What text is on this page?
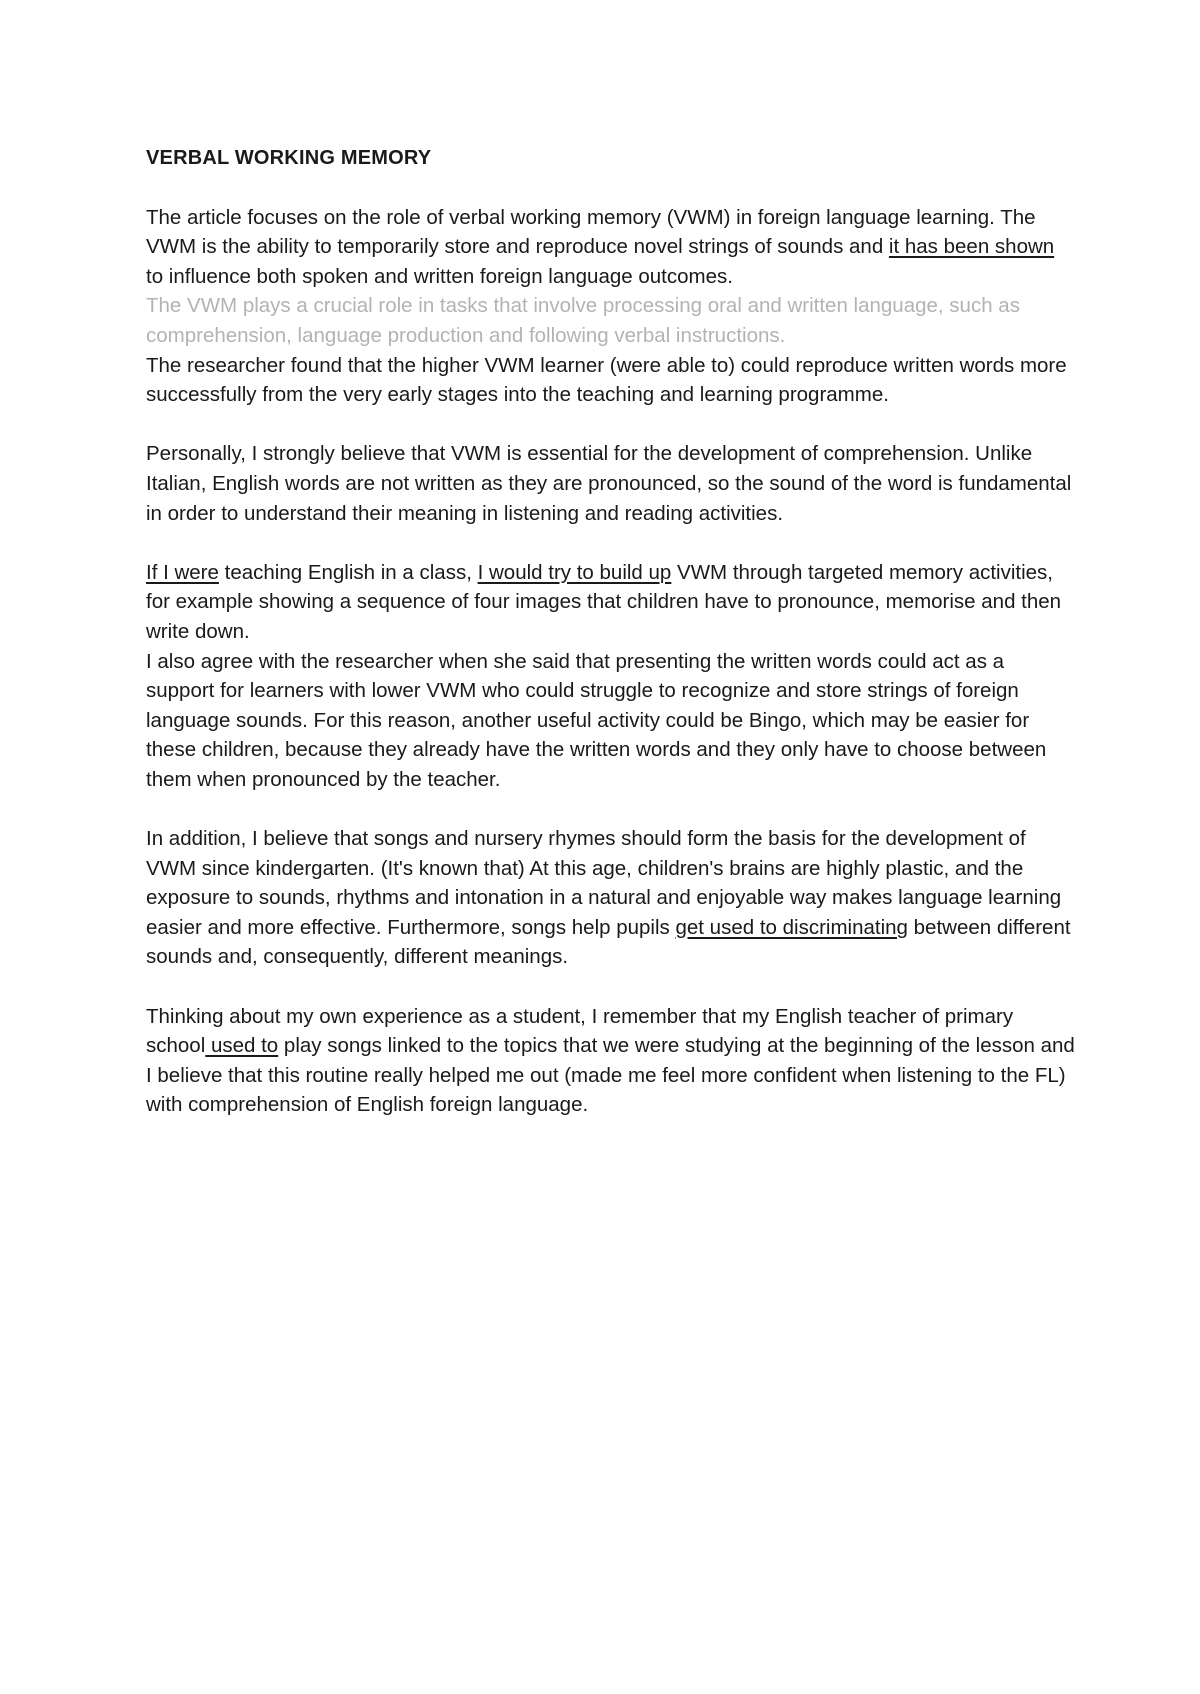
VERBAL WORKING MEMORY

The article focuses on the role of verbal working memory (VWM) in foreign language learning. The VWM is the ability to temporarily store and reproduce novel strings of sounds and it has been shown to influence both spoken and written foreign language outcomes.

The VWM plays a crucial role in tasks that involve processing oral and written language, such as comprehension, language production and following verbal instructions.

The researcher found that the higher VWM learner (were able to) could reproduce written words more successfully from the very early stages into the teaching and learning programme.

Personally, I strongly believe that VWM is essential for the development of comprehension. Unlike Italian, English words are not written as they are pronounced, so the sound of the word is fundamental in order to understand their meaning in listening and reading activities.

If I were teaching English in a class, I would try to build up VWM through targeted memory activities, for example showing a sequence of four images that children have to pronounce, memorise and then write down.

I also agree with the researcher when she said that presenting the written words could act as a support for learners with lower VWM who could struggle to recognize and store strings of foreign language sounds. For this reason, another useful activity could be Bingo, which may be easier for these children, because they already have the written words and they only have to choose between them when pronounced by the teacher.

In addition, I believe that songs and nursery rhymes should form the basis for the development of VWM since kindergarten. (It's known that) At this age, children's brains are highly plastic, and the exposure to sounds, rhythms and intonation in a natural and enjoyable way makes language learning easier and more effective. Furthermore, songs help pupils get used to discriminating between different sounds and, consequently, different meanings.

Thinking about my own experience as a student, I remember that my English teacher of primary school used to play songs linked to the topics that we were studying at the beginning of the lesson and I believe that this routine really helped me out (made me feel more confident when listening to the FL) with comprehension of English foreign language.
